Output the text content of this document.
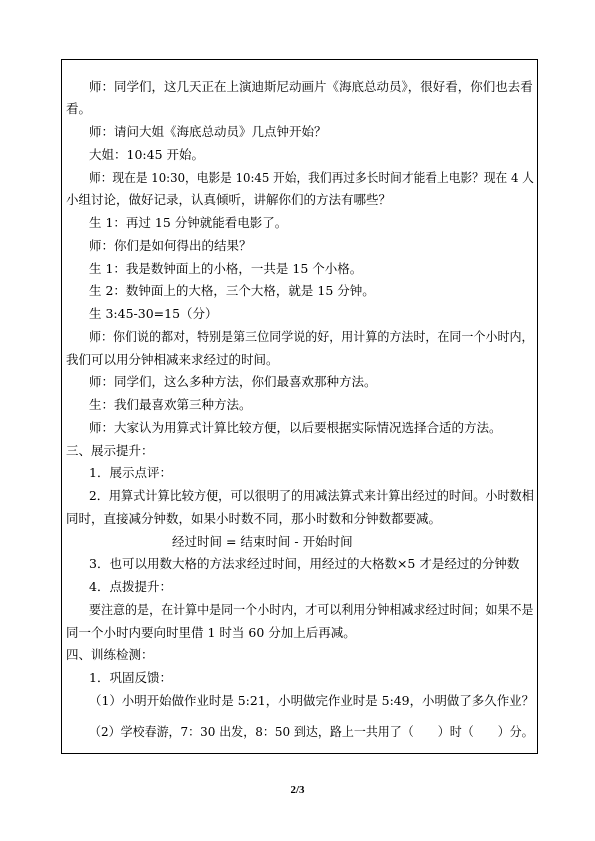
师：同学们，这几天正在上演迪斯尼动画片《海底总动员》，很好看，你们也去看
看。
师：请问大姐《海底总动员》几点钟开始？
大姐：10:45 开始。
师：现在是 10:30，电影是 10:45 开始，我们再过多长时间才能看上电影？现在 4 人
小组讨论，做好记录，认真倾听，讲解你们的方法有哪些？
生 1：再过 15 分钟就能看电影了。
师：你们是如何得出的结果？
生 1：我是数钟面上的小格，一共是 15 个小格。
生 2：数钟面上的大格，三个大格，就是 15 分钟。
生 3:45-30=15（分）
师：你们说的都对，特别是第三位同学说的好，用计算的方法时，在同一个小时内，
我们可以用分钟相减来求经过的时间。
师：同学们，这么多种方法，你们最喜欢那种方法。
生：我们最喜欢第三种方法。
师：大家认为用算式计算比较方便，以后要根据实际情况选择合适的方法。
三、展示提升：
1．展示点评：
2．用算式计算比较方便，可以很明了的用减法算式来计算出经过的时间。小时数相
同时，直接减分钟数，如果小时数不同，那小时数和分钟数都要减。
经过时间 = 结束时间 - 开始时间
3．也可以用数大格的方法求经过时间，用经过的大格数×5 才是经过的分钟数
4．点拨提升：
要注意的是，在计算中是同一个小时内，才可以利用分钟相减求经过时间；如果不是
同一个小时内要向时里借 1 时当 60 分加上后再减。
四、训练检测：
1．巩固反馈：
（1）小明开始做作业时是 5:21，小明做完作业时是 5:49，小明做了多久作业？
（2）学校春游，7：30 出发，8：50 到达，路上一共用了（　　）时（　　）分。
2/3
